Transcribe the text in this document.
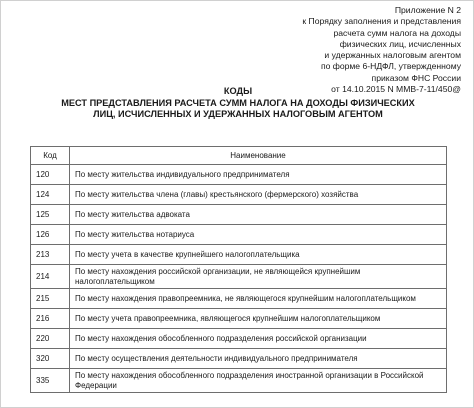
Приложение N 2
к Порядку заполнения и представления
расчета сумм налога на доходы
физических лиц, исчисленных
и удержанных налоговым агентом
по форме 6-НДФЛ, утвержденному
приказом ФНС России
от 14.10.2015 N ММВ-7-11/450@
КОДЫ
МЕСТ ПРЕДСТАВЛЕНИЯ РАСЧЕТА СУММ НАЛОГА НА ДОХОДЫ ФИЗИЧЕСКИХ
ЛИЦ, ИСЧИСЛЕННЫХ И УДЕРЖАННЫХ НАЛОГОВЫМ АГЕНТОМ
Код	Наименование
120	По месту жительства индивидуального предпринимателя
124	По месту жительства члена (главы) крестьянского (фермерского) хозяйства
125	По месту жительства адвоката
126	По месту жительства нотариуса
213	По месту учета в качестве крупнейшего налогоплательщика
214	По месту нахождения российской организации, не являющейся крупнейшим налогоплательщиком
215	По месту нахождения правопреемника, не являющегося крупнейшим налогоплательщиком
216	По месту учета правопреемника, являющегося крупнейшим налогоплательщиком
220	По месту нахождения обособленного подразделения российской организации
320	По месту осуществления деятельности индивидуального предпринимателя
335	По месту нахождения обособленного подразделения иностранной организации в Российской Федерации
